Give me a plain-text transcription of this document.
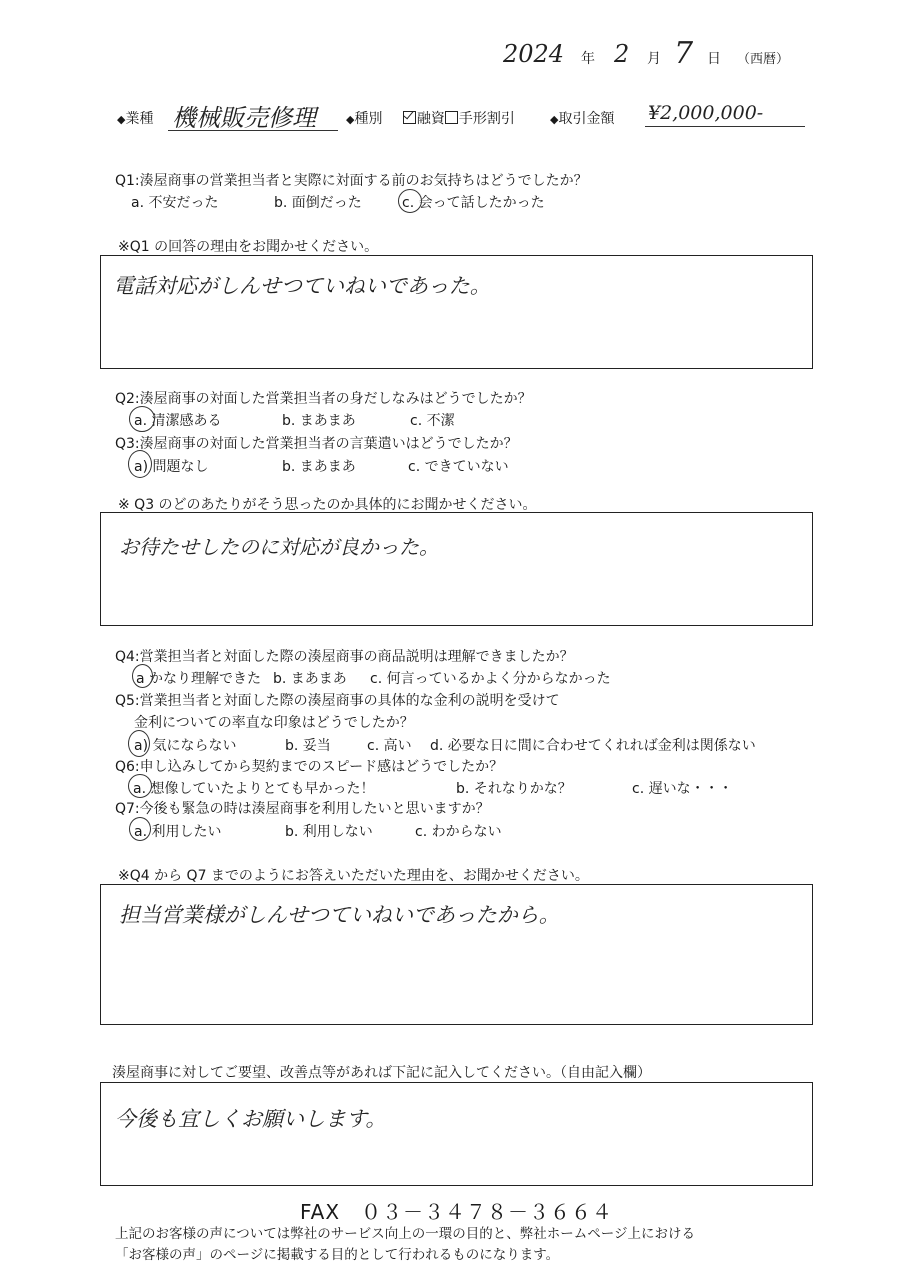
2024 年 2 月 7 日 （西暦）
◆業種 機械販売修理	◆種別 融資 手形割引	◆取引金額 ¥2,000,000-
Q1:湊屋商事の営業担当者と実際に対面する前のお気持ちはどうでしたか？
a. 不安だった	b. 面倒だった	c. 会って話したかった
※Q1 の回答の理由をお聞かせください。
電話対応がしんせつていねいであった。
Q2:湊屋商事の対面した営業担当者の身だしなみはどうでしたか？
a. 清潔感ある	b. まあまあ	c. 不潔
Q3:湊屋商事の対面した営業担当者の言葉遣いはどうでしたか？
a) 問題なし	b. まあまあ	c. できていない
※ Q3 のどのあたりがそう思ったのか具体的にお聞かせください。
お待たせしたのに対応が良かった。
Q4:営業担当者と対面した際の湊屋商事の商品説明は理解できましたか？
a かなり理解できた b. まあまあ c. 何言っているかよく分からなかった
Q5:営業担当者と対面した際の湊屋商事の具体的な金利の説明を受けて
金利についての率直な印象はどうでしたか？
a) 気にならない	b. 妥当	c. 高い d. 必要な日に間に合わせてくれれば金利は関係ない
Q6:申し込みしてから契約までのスピード感はどうでしたか？
a. 想像していたよりとても早かった！	b. それなりかな？	c. 遅いな・・・
Q7:今後も緊急の時は湊屋商事を利用したいと思いますか？
a. 利用したい	b. 利用しない	c. わからない
※Q4 から Q7 までのようにお答えいただいた理由を、お聞かせください。
担当営業様がしんせつていねいであったから。
湊屋商事に対してご要望、改善点等があれば下記に記入してください。（自由記入欄）
今後も宜しくお願いします。
FAX　０３－３４７８－３６６４
上記のお客様の声については弊社のサービス向上の一環の目的と、弊社ホームページ上における
「お客様の声」のページに掲載する目的として行われるものになります。
